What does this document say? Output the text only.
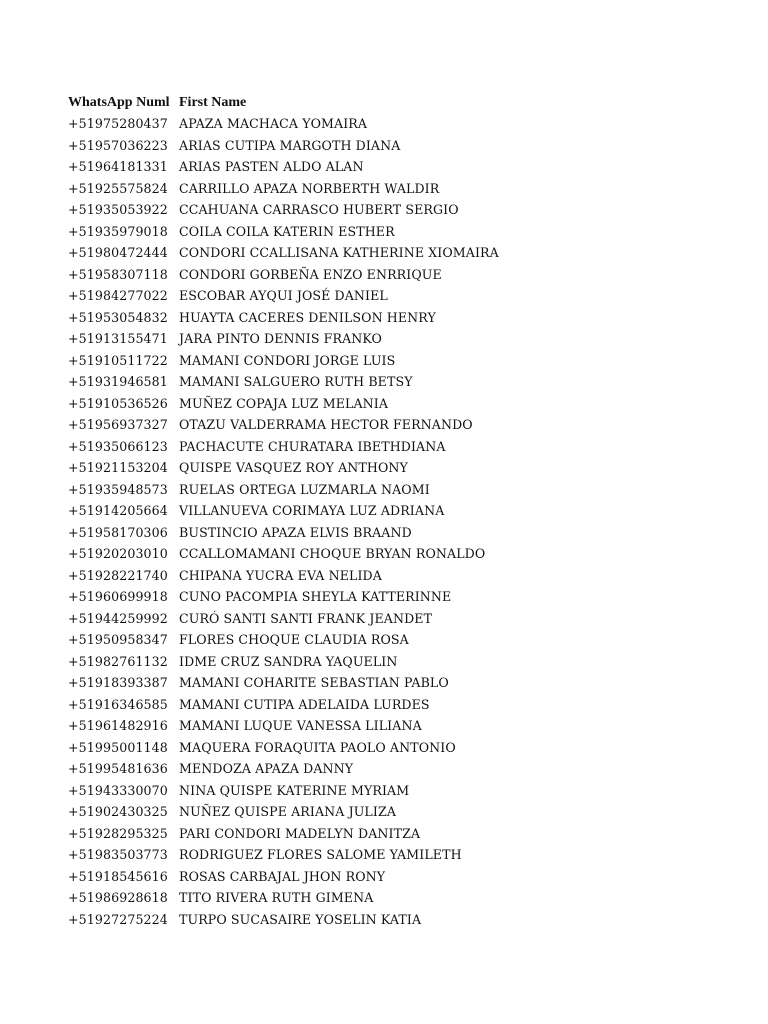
WhatsApp Numl First Name
+51975280437 APAZA MACHACA YOMAIRA
+51957036223 ARIAS CUTIPA MARGOTH DIANA
+51964181331 ARIAS PASTEN ALDO ALAN
+51925575824 CARRILLO APAZA NORBERTH WALDIR
+51935053922 CCAHUANA CARRASCO HUBERT SERGIO
+51935979018 COILA COILA KATERIN ESTHER
+51980472444 CONDORI CCALLISANA KATHERINE XIOMAIRA
+51958307118 CONDORI GORBEÑA ENZO ENRRIQUE
+51984277022 ESCOBAR AYQUI JOSÉ DANIEL
+51953054832 HUAYTA CACERES DENILSON HENRY
+51913155471 JARA PINTO DENNIS FRANKO
+51910511722 MAMANI CONDORI JORGE LUIS
+51931946581 MAMANI SALGUERO RUTH BETSY
+51910536526 MUÑEZ COPAJA LUZ MELANIA
+51956937327 OTAZU VALDERRAMA HECTOR FERNANDO
+51935066123 PACHACUTE CHURATARA IBETHDIANA
+51921153204 QUISPE VASQUEZ ROY ANTHONY
+51935948573 RUELAS ORTEGA LUZMARLA NAOMI
+51914205664 VILLANUEVA CORIMAYA LUZ ADRIANA
+51958170306 BUSTINCIO APAZA ELVIS BRAAND
+51920203010 CCALLOMAMANI CHOQUE BRYAN RONALDO
+51928221740 CHIPANA YUCRA EVA NELIDA
+51960699918 CUNO PACOMPIA SHEYLA KATTERINNE
+51944259992 CURÓ SANTI SANTI FRANK JEANDET
+51950958347 FLORES CHOQUE CLAUDIA ROSA
+51982761132 IDME CRUZ SANDRA YAQUELIN
+51918393387 MAMANI COHARITE SEBASTIAN PABLO
+51916346585 MAMANI CUTIPA ADELAIDA LURDES
+51961482916 MAMANI LUQUE VANESSA LILIANA
+51995001148 MAQUERA FORAQUITA PAOLO ANTONIO
+51995481636 MENDOZA APAZA DANNY
+51943330070 NINA QUISPE KATERINE MYRIAM
+51902430325 NUÑEZ QUISPE ARIANA JULIZA
+51928295325 PARI CONDORI MADELYN DANITZA
+51983503773 RODRIGUEZ FLORES SALOME YAMILETH
+51918545616 ROSAS CARBAJAL JHON RONY
+51986928618 TITO RIVERA RUTH GIMENA
+51927275224 TURPO SUCASAIRE YOSELIN KATIA
